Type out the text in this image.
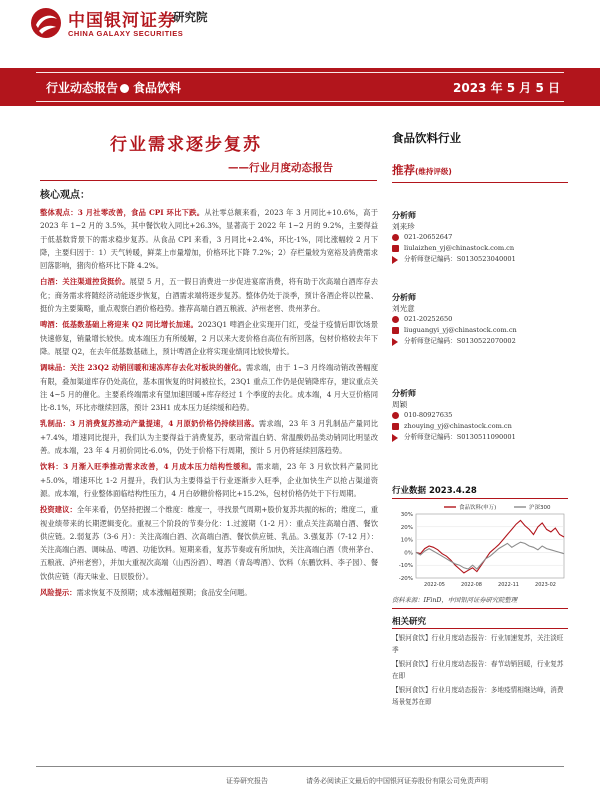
中国银河证券
CHINA GALAXY SECURITIES
研究院
行业动态报告 食品饮料	2023 年 5 月 5 日
行业需求逐步复苏
——行业月度动态报告
核心观点：

整体观点：3 月社零改善，食品 CPI 环比下跌。从社零总额来看，2023 年 3 月同比+10.6%，高于 2023 年 1~2 月的 3.5%，其中餐饮收入同比+26.3%，显著高于 2022 年 1~2 月的 9.2%，主要得益于低基数背景下的需求稳步复苏。从食品 CPI 来看，3 月同比+2.4%，环比-1%，同比涨幅较 2 月下降，主要归因于：1）天气转暖，鲜菜上市量增加，价格环比下降 7.2%；2）存栏量较为宽裕及消费需求回落影响，猪肉价格环比下降 4.2%。

白酒：关注渠道控货挺价。展望 5 月，五一假日消费进一步促进宴席消费，将有助于次高端白酒库存去化；商务需求将随经济动能逐步恢复，白酒需求端将逐步复苏。整体仍处于淡季，预计各酒企将以控量、挺价为主要策略，重点观察白酒价格趋势。推荐高端白酒五粮液、泸州老窖、贵州茅台。

啤酒：低基数基础上将迎来 Q2 同比增长加速。2023Q1 啤酒企业实现开门红，受益于疫情后即饮场景快速修复，销量增长较快。成本端压力有所缓解，2 月以来大麦价格自高位有所回落，包材价格较去年下降。展望 Q2，在去年低基数基础上，预计啤酒企业将实现业绩同比较快增长。

调味品：关注 23Q2 动销回暖和速冻库存去化对板块的催化。需求端，由于 1~3 月终端动销改善幅度有限，叠加渠道库存仍处高位，基本面恢复的时间被拉长，23Q1 重点工作仍是促销降库存，建议重点关注 4~5 月的催化。主要系终端需求有望加速回暖+库存经过 1 个季度的去化。成本端，4 月大豆价格同比-8.1%，环比亦继续回落，预计 23H1 成本压力延续缓和趋势。

乳制品：3 月消费复苏推动产量提速，4 月原奶价格仍持续回落。需求端，23 年 3 月乳制品产量同比+7.4%，增速同比提升，我们认为主要得益于消费复苏，驱动常温白奶、常温酸奶品类动销同比明显改善。成本端，23 年 4 月初价同比-6.0%，仍处于价格下行周期，预计 5 月仍将延续回落趋势。

饮料：3 月渐入旺季推动需求改善，4 月成本压力结构性缓和。需求端，23 年 3 月软饮料产量同比+5.0%，增速环比 1-2 月提升，我们认为主要得益于行业逐渐步入旺季，企业加快生产以抢占渠道资源。成本端，行业整体面临结构性压力，4 月白砂糖价格同比+15.2%，包材价格仍处于下行周期。

投资建议：全年来看，仍坚持把握二个维度：维度一，寻找景气周期+股价复苏共振的标的；维度二，重视业绩带来的长期逻辑变化。重视三个阶段的节奏分化：1.过渡期（1-2 月）：重点关注高端白酒、餐饮供应链。2.弱复苏（3-6 月）：关注高端白酒、次高端白酒、餐饮供应链、乳品。3.强复苏（7-12 月）：关注高端白酒、调味品、啤酒、功能饮料。短期来看，复苏节奏或有所加快，关注高端白酒（贵州茅台、五粮液、泸州老窖），并加大重视次高端（山西汾酒）、啤酒（青岛啤酒）、饮料（东鹏饮料、李子园）、餐饮供应链（海天味业、日辰股份）。

风险提示：需求恢复不及预期；成本涨幅超预期；食品安全问题。

食品饮料行业
推荐(维持评级)
分析师
刘来珍
021-20652647
liulaizhen_yj@chinastock.com.cn
分析师登记编码：S0130523040001
分析师
刘光意
021-20252650
liuguangyi_yj@chinastock.com.cn
分析师登记编码：S0130522070002
分析师
周颖
010-80927635
zhouying_yj@chinastock.com.cn
分析师登记编码：S0130511090001
行业数据 2023.4.28
30%
20%
10%
0%
-10%
-20%
2022-05	2022-08	2022-11	2023-02
食品饮料(申万)	沪深300
资料来源：IFinD，中国银河证券研究院整理
相关研究
【银河食饮】行业月度动态报告：行业加速复苏，关注淡旺季
【银河食饮】行业月度动态报告：春节动销回暖，行业复苏在即
【银河食饮】行业月度动态报告：多地疫情相继达峰，消费场景复苏在即
证券研究报告	请务必阅读正文最后的中国银河证券股份有限公司免责声明
